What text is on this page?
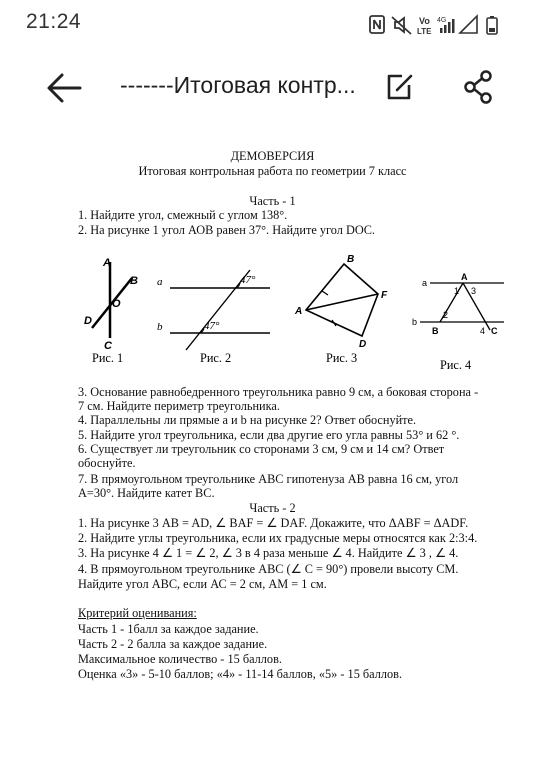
21:24	Vo
LTE
4G
-------Итоговая контр...
ДЕМОВЕРСИЯ
Итоговая контрольная работа по геометрии 7 класс
Часть - 1
1. Найдите угол, смежный с углом 138°.
2. На рисунке 1 угол АОВ равен 37°. Найдите угол DOC.
A
B
O
D
C
Рис. 1
a
b
47°
47°
Рис. 2
B
F
A
D
Рис. 3
a
A
1 3
b
B
2
4 C
Рис. 4
3. Основание равнобедренного треугольника равно 9 см, а боковая сторона -
7 см. Найдите периметр треугольника.
4. Параллельны ли прямые a и b на рисунке 2? Ответ обоснуйте.
5. Найдите угол треугольника, если два другие его угла равны 53° и 62 °.
6. Существует ли треугольник со сторонами 3 см, 9 см и 14 см? Ответ
обоснуйте.
7. В прямоугольном треугольнике АВС гипотенуза АВ равна 16 см, угол
А=30°. Найдите катет ВС.
Часть - 2
1. На рисунке 3 AB = AD, ∠ BAF = ∠ DAF. Докажите, что ΔABF = ΔADF.
2. Найдите углы треугольника, если их градусные меры относятся как 2:3:4.
3. На рисунке 4 ∠ 1 = ∠ 2, ∠ 3 в 4 раза меньше ∠ 4. Найдите ∠ 3 , ∠ 4.
4. В прямоугольном треугольнике АВС (∠ C = 90°) провели высоту СМ.
Найдите угол АВС, если АС = 2 см, АМ = 1 см.
Критерий оценивания:
Часть 1 - 1балл за каждое задание.
Часть 2 - 2 балла за каждое задание.
Максимальное количество - 15 баллов.
Оценка «3» - 5-10 баллов; «4» - 11-14 баллов, «5» - 15 баллов.
